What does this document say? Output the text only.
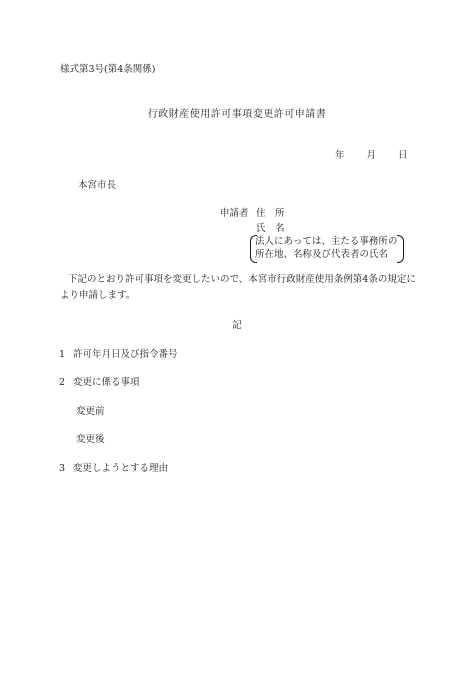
様式第3号(第4条関係)
行政財産使用許可事項変更許可申請書
年 月 日
本宮市長
申請者 住　所
氏　名
法人にあっては、主たる事務所の
所在地、名称及び代表者の氏名
下記のとおり許可事項を変更したいので、本宮市行政財産使用条例第4条の規定により申請します。
記
1 許可年月日及び指令番号
2 変更に係る事項
変更前
変更後
3 変更しようとする理由
